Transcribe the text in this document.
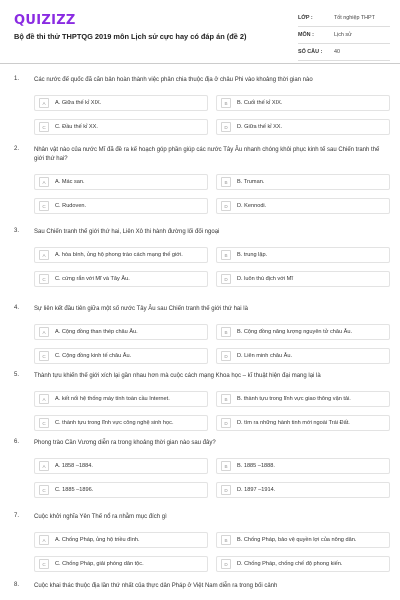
QUIZIZZ
Bộ đề thi thử THPTQG 2019 môn Lịch sử cực hay có đáp án (đề 2)
LỚP :	Tốt nghiệp THPT
MÔN :	Lịch sử
SỐ CÂU :	40
1. Các nước đế quốc đã căn bản hoàn thành việc phân chia thuộc địa ở châu Phi vào khoảng thời gian nào
A	A. Giữa thế kỉ XIX.	B	B. Cuối thế kỉ XIX.
C	C. Đầu thế kỉ XX.	D	D. Giữa thế kỉ XX.
2. Nhân vật nào của nước Mĩ đã đề ra kế hoạch góp phần giúp các nước Tây Âu nhanh chóng khôi phục kinh tế sau Chiến tranh thế giới thứ hai?
A	A. Mác san.	B	B. Truman.
C	C. Rudoven.	D	D. Kennodi.
3. Sau Chiến tranh thế giới thứ hai, Liên Xô thi hành đường lối đối ngoại
A	A. hòa bình, ủng hộ phong trào cách mạng thế giới.	B	B. trung lập.
C	C. cứng rắn với Mĩ và Tây Âu.	D	D. luôn thù địch với Mĩ
4. Sự liên kết đầu tiên giữa một số nước Tây Âu sau Chiến tranh thế giới thứ hai là
A	A. Cộng đồng than thép châu Âu.	B	B. Cộng đồng năng lượng nguyên tử châu Âu.
C	C. Cộng đồng kinh tế châu Âu.	D	D. Liên minh châu Âu.
5. Thành tựu khiến thế giới xích lại gần nhau hơn mà cuộc cách mạng Khoa học – kĩ thuật hiện đại mang lại là
A	A. kết nối hệ thống máy tính toàn cầu Internet.	B	B. thành tựu trong lĩnh vực giao thông vận tải.
C	C. thành tựu trong lĩnh vực công nghệ sinh học.	D	D. tìm ra những hành tinh mới ngoài Trái Đất.
6. Phong trào Cần Vương diễn ra trong khoảng thời gian nào sau đây?
A	A. 1858 –1884.	B	B. 1885 –1888.
C	C. 1885 –1896.	D	D. 1897 –1914.
7. Cuộc khởi nghĩa Yên Thế nổ ra nhằm mục đích gì
A	A. Chống Pháp, ủng hộ triều đình.	B	B. Chống Pháp, bảo vệ quyền lợi của nông dân.
C	C. Chống Pháp, giải phóng dân tộc.	D	D. Chống Pháp, chống chế độ phong kiến.
8. Cuộc khai thác thuộc địa lần thứ nhất của thực dân Pháp ở Việt Nam diễn ra trong bối cảnh
